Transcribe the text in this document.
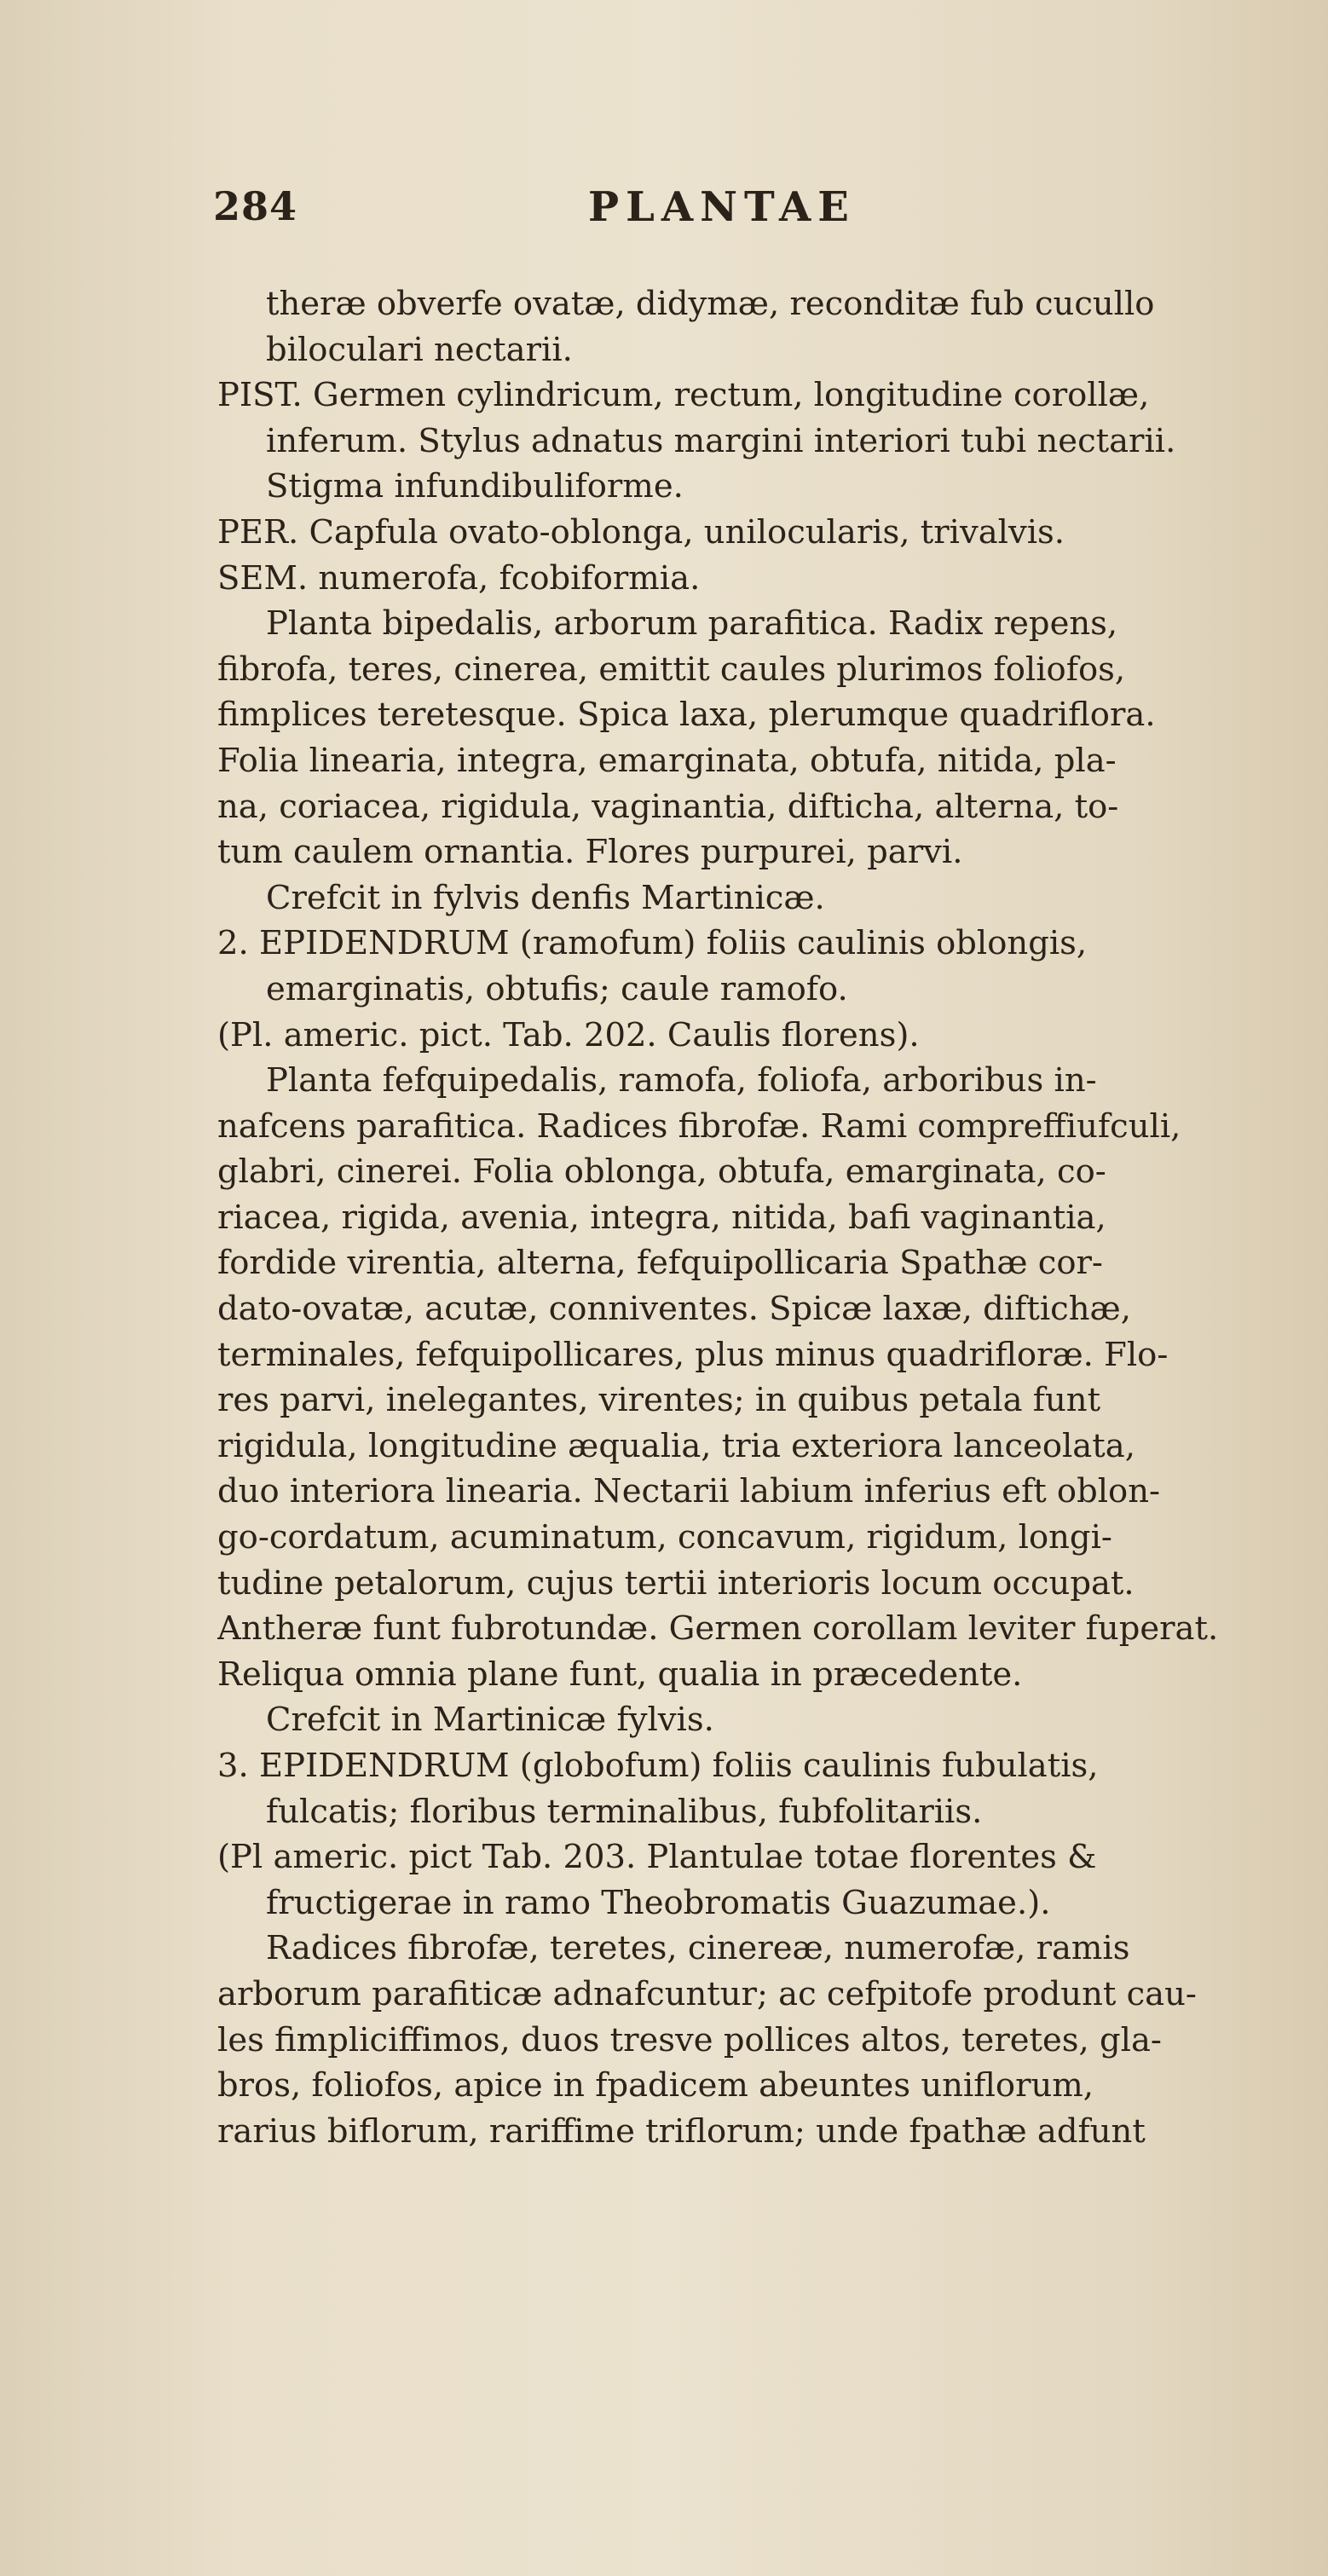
284	PLANTAE
theræ obverfe ovatæ, didymæ, reconditæ fub cucullo
biloculari nectarii.
PIST. Germen cylindricum, rectum, longitudine corollæ,
inferum. Stylus adnatus margini interiori tubi nectarii.
Stigma infundibuliforme.
PER. Capfula ovato-oblonga, unilocularis, trivalvis.
SEM. numerofa, fcobiformia.
Planta bipedalis, arborum parafitica. Radix repens,
fibrofa, teres, cinerea, emittit caules plurimos foliofos,
fimplices teretesque. Spica laxa, plerumque quadriflora.
Folia linearia, integra, emarginata, obtufa, nitida, pla-
na, coriacea, rigidula, vaginantia, difticha, alterna, to-
tum caulem ornantia. Flores purpurei, parvi.
Crefcit in fylvis denfis Martinicæ.
2. EPIDENDRUM (ramofum) foliis caulinis oblongis,
emarginatis, obtufis; caule ramofo.
(Pl. americ. pict. Tab. 202. Caulis florens).
Planta fefquipedalis, ramofa, foliofa, arboribus in-
nafcens parafitica. Radices fibrofæ. Rami compreffiufculi,
glabri, cinerei. Folia oblonga, obtufa, emarginata, co-
riacea, rigida, avenia, integra, nitida, bafi vaginantia,
fordide virentia, alterna, fefquipollicaria Spathæ cor-
dato-ovatæ, acutæ, conniventes. Spicæ laxæ, diftichæ,
terminales, fefquipollicares, plus minus quadrifloræ. Flo-
res parvi, inelegantes, virentes; in quibus petala funt
rigidula, longitudine æqualia, tria exteriora lanceolata,
duo interiora linearia. Nectarii labium inferius eft oblon-
go-cordatum, acuminatum, concavum, rigidum, longi-
tudine petalorum, cujus tertii interioris locum occupat.
Antheræ funt fubrotundæ. Germen corollam leviter fuperat.
Reliqua omnia plane funt, qualia in præcedente.
Crefcit in Martinicæ fylvis.
3. EPIDENDRUM (globofum) foliis caulinis fubulatis,
fulcatis; floribus terminalibus, fubfolitariis.
(Pl americ. pict Tab. 203. Plantulae totae florentes &
fructigerae in ramo Theobromatis Guazumae.).
Radices fibrofæ, teretes, cinereæ, numerofæ, ramis
arborum parafiticæ adnafcuntur; ac cefpitofe produnt cau-
les fimpliciffimos, duos tresve pollices altos, teretes, gla-
bros, foliofos, apice in fpadicem abeuntes uniflorum,
rarius biflorum, rariffime triflorum; unde fpathæ adfunt
